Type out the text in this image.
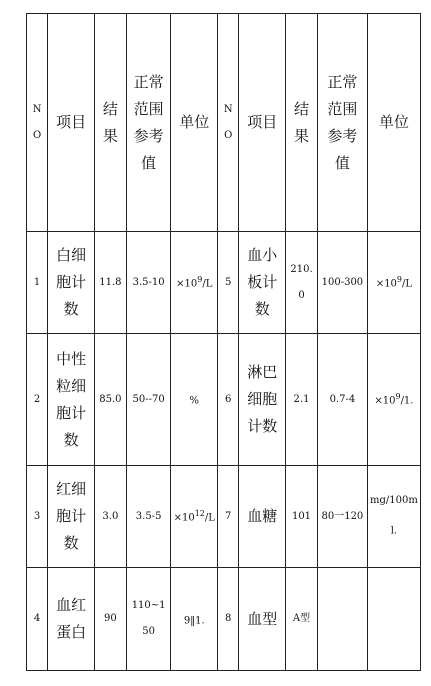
NO	项目	结果	正常范围参考值	单位	NO	项目	结果	正常范围参考值	单位
1	白细胞计数	11.8	3.5-10	$\times 10^9/L$	5	血小板计数	210.0	100-300	$\times 10^9/L$
2	中性粒细胞计数	85.0	50--70	%	6	淋巴细胞计数	2.1	0.7-4	$\times 10^9/1$.
3	红细胞计数	3.0	3.5-5	$\times 10^{12}/L$	7	血糖	101	80一120	mg/100ml.
4	血红蛋白	90	110~150	9‖1.	8	血型	A型		
